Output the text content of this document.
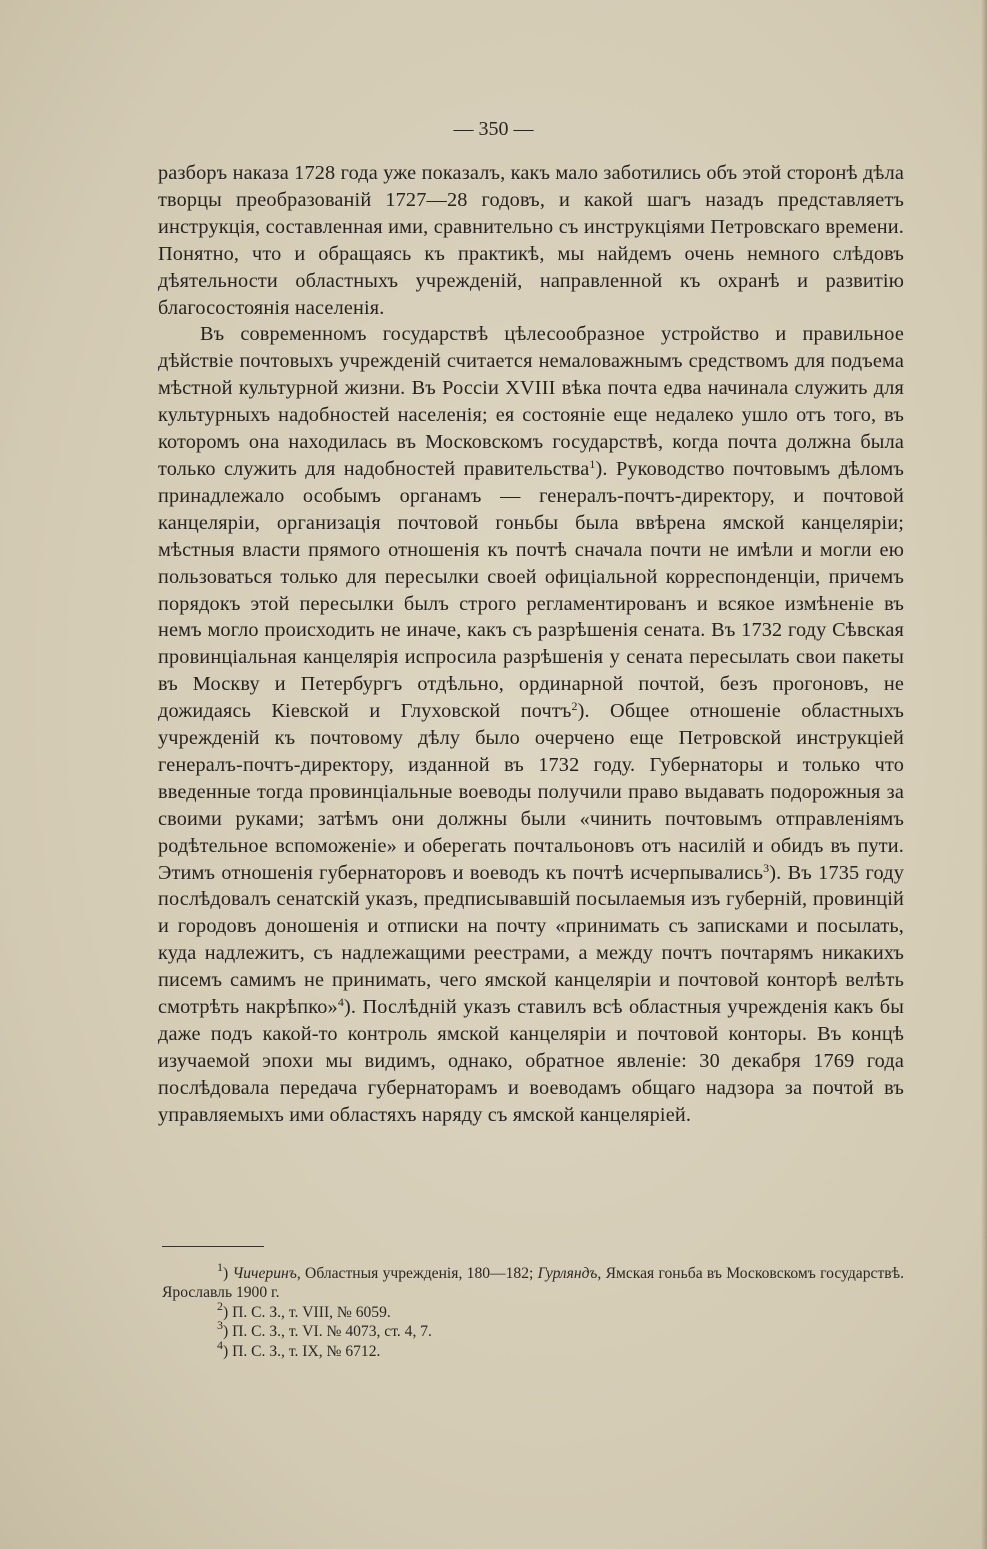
— 350 —

разборъ наказа 1728 года уже показалъ, какъ мало заботились объ этой сторонѣ дѣла творцы преобразованій 1727—28 годовъ, и какой шагъ назадъ представляетъ инструкція, составленная ими, сравнительно съ инструкціями Петровскаго времени. Понятно, что и обращаясь къ практикѣ, мы найдемъ очень немного слѣдовъ дѣятельности областныхъ учрежденій, направленной къ охранѣ и развитію благосостоянія населенія.

Въ современномъ государствѣ цѣлесообразное устройство и правильное дѣйствіе почтовыхъ учрежденій считается немаловажнымъ средствомъ для подъема мѣстной культурной жизни. Въ Россіи XVIII вѣка почта едва начинала служить для культурныхъ надобностей населенія; ея состояніе еще недалеко ушло отъ того, въ которомъ она находилась въ Московскомъ государствѣ, когда почта должна была только служить для надобностей правительства$^1$). Руководство почтовымъ дѣломъ принадлежало особымъ органамъ — генералъ-почтъ-директору, и почтовой канцеляріи, организація почтовой гоньбы была ввѣрена ямской канцеляріи; мѣстныя власти прямого отношенія къ почтѣ сначала почти не имѣли и могли ею пользоваться только для пересылки своей офиціальной корреспонденціи, причемъ порядокъ этой пересылки былъ строго регламентированъ и всякое измѣненіе въ немъ могло происходить не иначе, какъ съ разрѣшенія сената. Въ 1732 году Сѣвская провинціальная канцелярія испросила разрѣшенія у сената пересылать свои пакеты въ Москву и Петербургъ отдѣльно, ординарной почтой, безъ прогоновъ, не дожидаясь Кіевской и Глуховской почтъ$^2$). Общее отношеніе областныхъ учрежденій къ почтовому дѣлу было очерчено еще Петровской инструкціей генералъ-почтъ-директору, изданной въ 1732 году. Губернаторы и только что введенные тогда провинціальные воеводы получили право выдавать подорожныя за своими руками; затѣмъ они должны были «чинить почтовымъ отправленіямъ родѣтельное вспоможеніе» и оберегать почтальоновъ отъ насилій и обидъ въ пути. Этимъ отношенія губернаторовъ и воеводъ къ почтѣ исчерпывались$^3$). Въ 1735 году послѣдовалъ сенатскій указъ, предписывавшій посылаемыя изъ губерній, провинцій и городовъ доношенія и отписки на почту «принимать съ записками и посылать, куда надлежитъ, съ надлежащими реестрами, а между почтъ почтарямъ никакихъ писемъ самимъ не принимать, чего ямской канцеляріи и почтовой конторѣ велѣть смотрѣть накрѣпко»$^4$). Послѣдній указъ ставилъ всѣ областныя учрежденія какъ бы даже подъ какой-то контроль ямской канцеляріи и почтовой конторы. Въ концѣ изучаемой эпохи мы видимъ, однако, обратное явленіе: 30 декабря 1769 года послѣдовала передача губернаторамъ и воеводамъ общаго надзора за почтой въ управляемыхъ ими областяхъ наряду съ ямской канцеляріей.

$^1$) Чичеринъ, Областныя учрежденія, 180—182; Гурляндъ, Ямская гоньба въ Московскомъ государствѣ. Ярославль 1900 г.

$^2$) П. С. З., т. VIII, № 6059.

$^3$) П. С. З., т. VI. № 4073, ст. 4, 7.

$^4$) П. С. З., т. IX, № 6712.
